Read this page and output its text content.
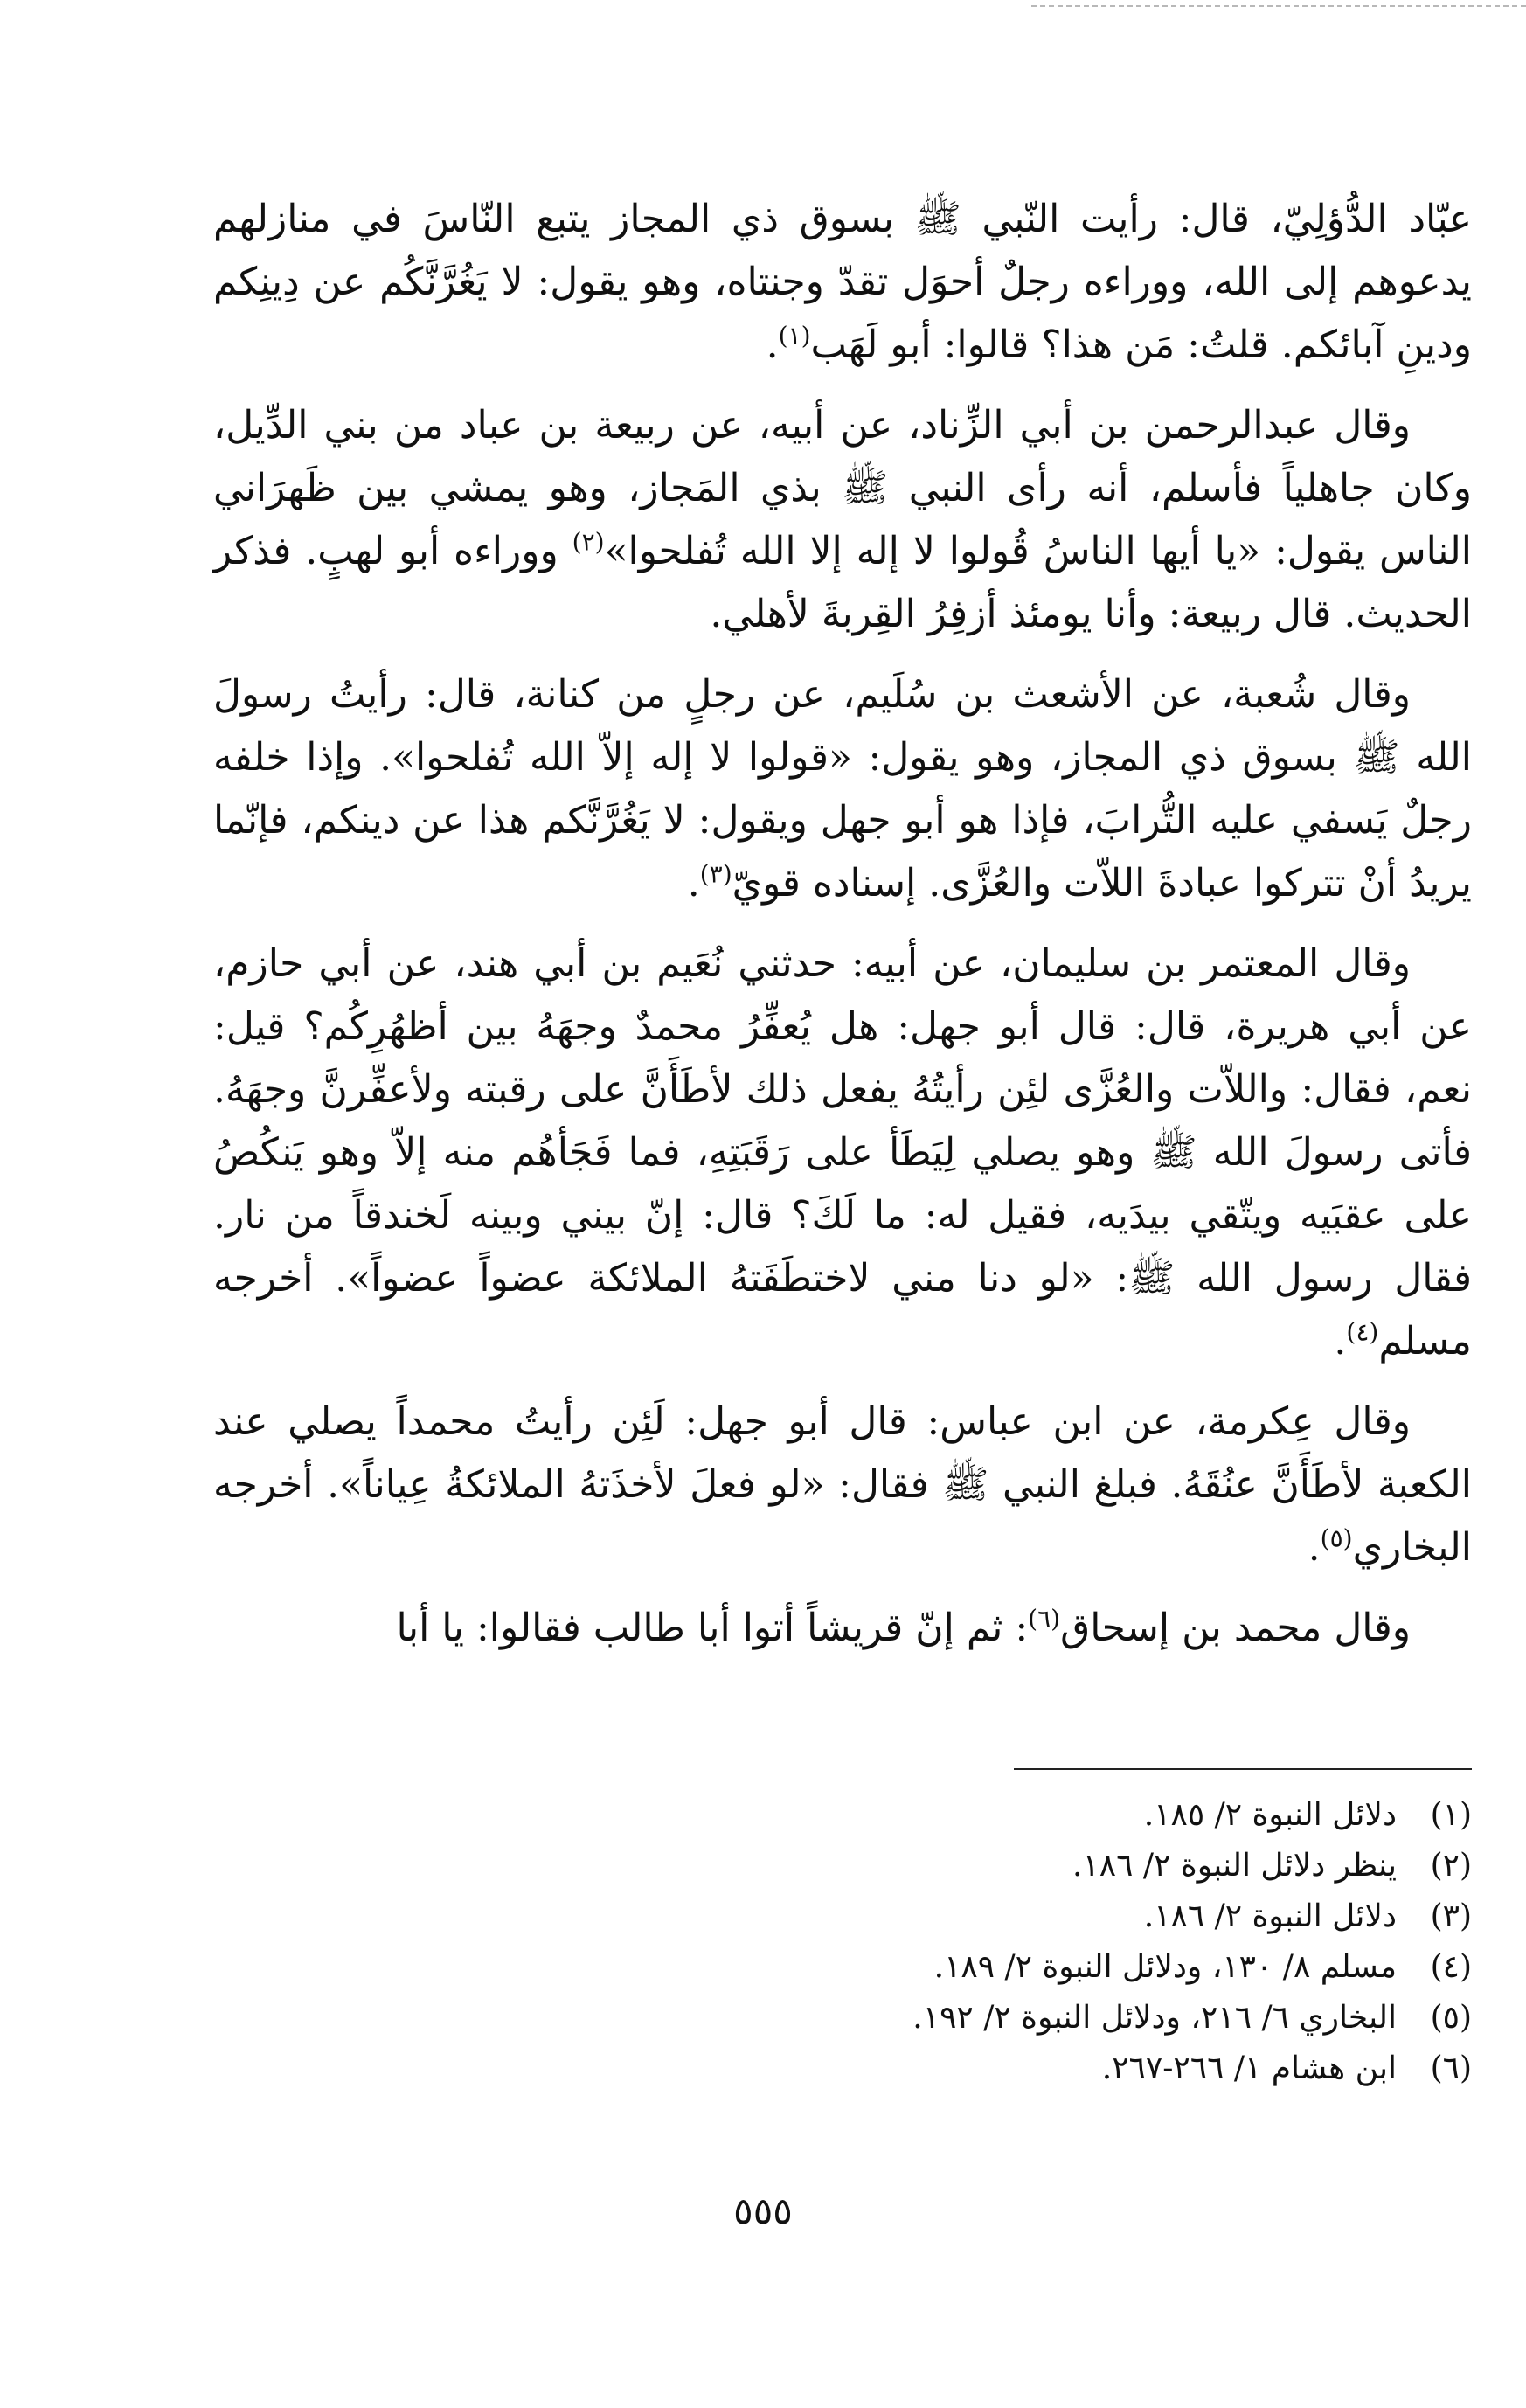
عبّاد الدُّؤلِيّ، قال: رأيت النّبي ﷺ بسوق ذي المجاز يتبع النّاسَ في منازلهم يدعوهم إلى الله، ووراءه رجلٌ أحوَل تقدّ وجنتاه، وهو يقول: لا يَغُرَّنَّكُم عن دِينِكم ودينِ آبائكم. قلتُ: مَن هذا؟ قالوا: أبو لَهَب$^{(١)}$.

وقال عبدالرحمن بن أبي الزِّناد، عن أبيه، عن ربيعة بن عباد من بني الدِّيل، وكان جاهلياً فأسلم، أنه رأى النبي ﷺ بذي المَجاز، وهو يمشي بين ظَهرَاني الناس يقول: «يا أيها الناسُ قُولوا لا إله إلا الله تُفلحوا»$^{(٢)}$ ووراءه أبو لهبٍ. فذكر الحديث. قال ربيعة: وأنا يومئذ أزفِرُ القِربةَ لأهلي.

وقال شُعبة، عن الأشعث بن سُلَيم، عن رجلٍ من كنانة، قال: رأيتُ رسولَ الله ﷺ بسوق ذي المجاز، وهو يقول: «قولوا لا إله إلاّ الله تُفلحوا». وإذا خلفه رجلٌ يَسفي عليه التُّرابَ، فإذا هو أبو جهل ويقول: لا يَغُرَّنَّكم هذا عن دينكم، فإنّما يريدُ أنْ تتركوا عبادةَ اللاّت والعُزَّى. إسناده قويّ$^{(٣)}$.

وقال المعتمر بن سليمان، عن أبيه: حدثني نُعَيم بن أبي هند، عن أبي حازم، عن أبي هريرة، قال: قال أبو جهل: هل يُعفِّرُ محمدٌ وجهَهُ بين أظهُرِكُم؟ قيل: نعم، فقال: واللاّت والعُزَّى لئِن رأيتُهُ يفعل ذلك لأطَأَنَّ على رقبته ولأعفِّرنَّ وجهَهُ. فأتى رسولَ الله ﷺ وهو يصلي لِيَطَأ على رَقَبَتِهِ، فما فَجَأهُم منه إلاّ وهو يَنكُصُ على عقبَيه ويتّقي بيدَيه، فقيل له: ما لَكَ؟ قال: إنّ بيني وبينه لَخندقاً من نار. فقال رسول الله ﷺ: «لو دنا مني لاختطَفَتهُ الملائكة عضواً عضواً». أخرجه مسلم$^{(٤)}$.

وقال عِكرمة، عن ابن عباس: قال أبو جهل: لَئِن رأيتُ محمداً يصلي عند الكعبة لأطَأَنَّ عنُقَهُ. فبلغ النبي ﷺ فقال: «لو فعلَ لأخذَتهُ الملائكةُ عِياناً». أخرجه البخاري$^{(٥)}$.

وقال محمد بن إسحاق$^{(٦)}$: ثم إنّ قريشاً أتوا أبا طالب فقالوا: يا أبا

(١)
دلائل النبوة ٢/ ١٨٥.
(٢)
ينظر دلائل النبوة ٢/ ١٨٦.
(٣)
دلائل النبوة ٢/ ١٨٦.
(٤)
مسلم ٨/ ١٣٠، ودلائل النبوة ٢/ ١٨٩.
(٥)
البخاري ٦/ ٢١٦، ودلائل النبوة ٢/ ١٩٢.
(٦)
ابن هشام ١/ ٢٦٦-٢٦٧.
٥٥٥
